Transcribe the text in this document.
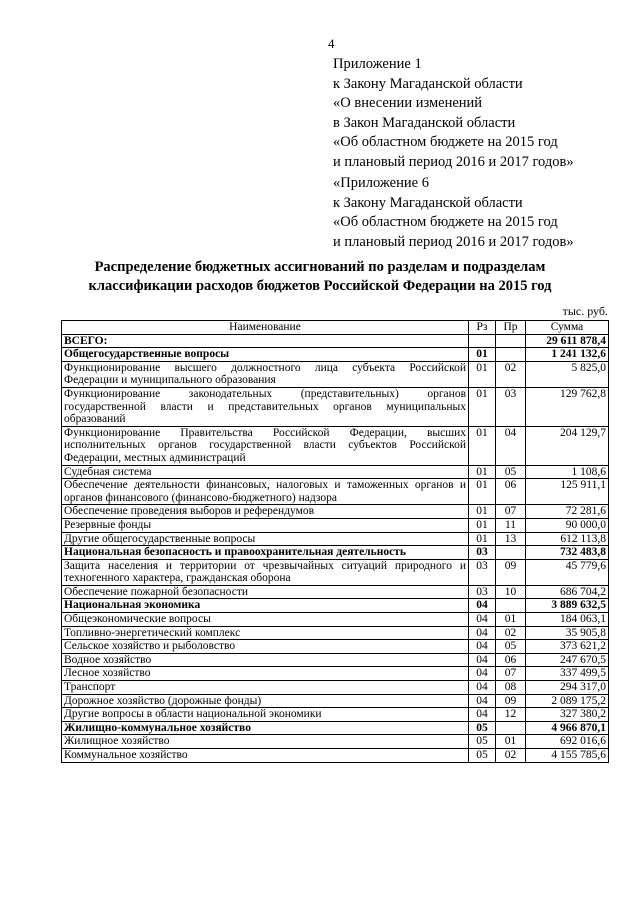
4
Приложение 1
к Закону Магаданской области
«О внесении изменений
в Закон Магаданской области
«Об областном бюджете на 2015 год
и плановый период 2016 и 2017 годов»
«Приложение 6
к Закону Магаданской области
«Об областном бюджете на 2015 год
и плановый период 2016 и 2017 годов»
Распределение бюджетных ассигнований по разделам и подразделам
классификации расходов бюджетов Российской Федерации на 2015 год
тыс. руб.
Наименование	Рз	Пр	Сумма
ВСЕГО:			29 611 878,4
Общегосударственные вопросы	01		1 241 132,6
Функционирование высшего должностного лица субъекта Российской Федерации и муниципального образования	01	02	5 825,0
Функционирование законодательных (представительных) органов государственной власти и представительных органов муниципальных образований	01	03	129 762,8
Функционирование Правительства Российской Федерации, высших исполнительных органов государственной власти субъектов Российской Федерации, местных администраций	01	04	204 129,7
Судебная система	01	05	1 108,6
Обеспечение деятельности финансовых, налоговых и таможенных органов и органов финансового (финансово-бюджетного) надзора	01	06	125 911,1
Обеспечение проведения выборов и референдумов	01	07	72 281,6
Резервные фонды	01	11	90 000,0
Другие общегосударственные вопросы	01	13	612 113,8
Национальная безопасность и правоохранительная деятельность	03		732 483,8
Защита населения и территории от чрезвычайных ситуаций природного и техногенного характера, гражданская оборона	03	09	45 779,6
Обеспечение пожарной безопасности	03	10	686 704,2
Национальная экономика	04		3 889 632,5
Общеэкономические вопросы	04	01	184 063,1
Топливно-энергетический комплекс	04	02	35 905,8
Сельское хозяйство и рыболовство	04	05	373 621,2
Водное хозяйство	04	06	247 670,5
Лесное хозяйство	04	07	337 499,5
Транспорт	04	08	294 317,0
Дорожное хозяйство (дорожные фонды)	04	09	2 089 175,2
Другие вопросы в области национальной экономики	04	12	327 380,2
Жилищно-коммунальное хозяйство	05		4 966 870,1
Жилищное хозяйство	05	01	692 016,6
Коммунальное хозяйство	05	02	4 155 785,6
